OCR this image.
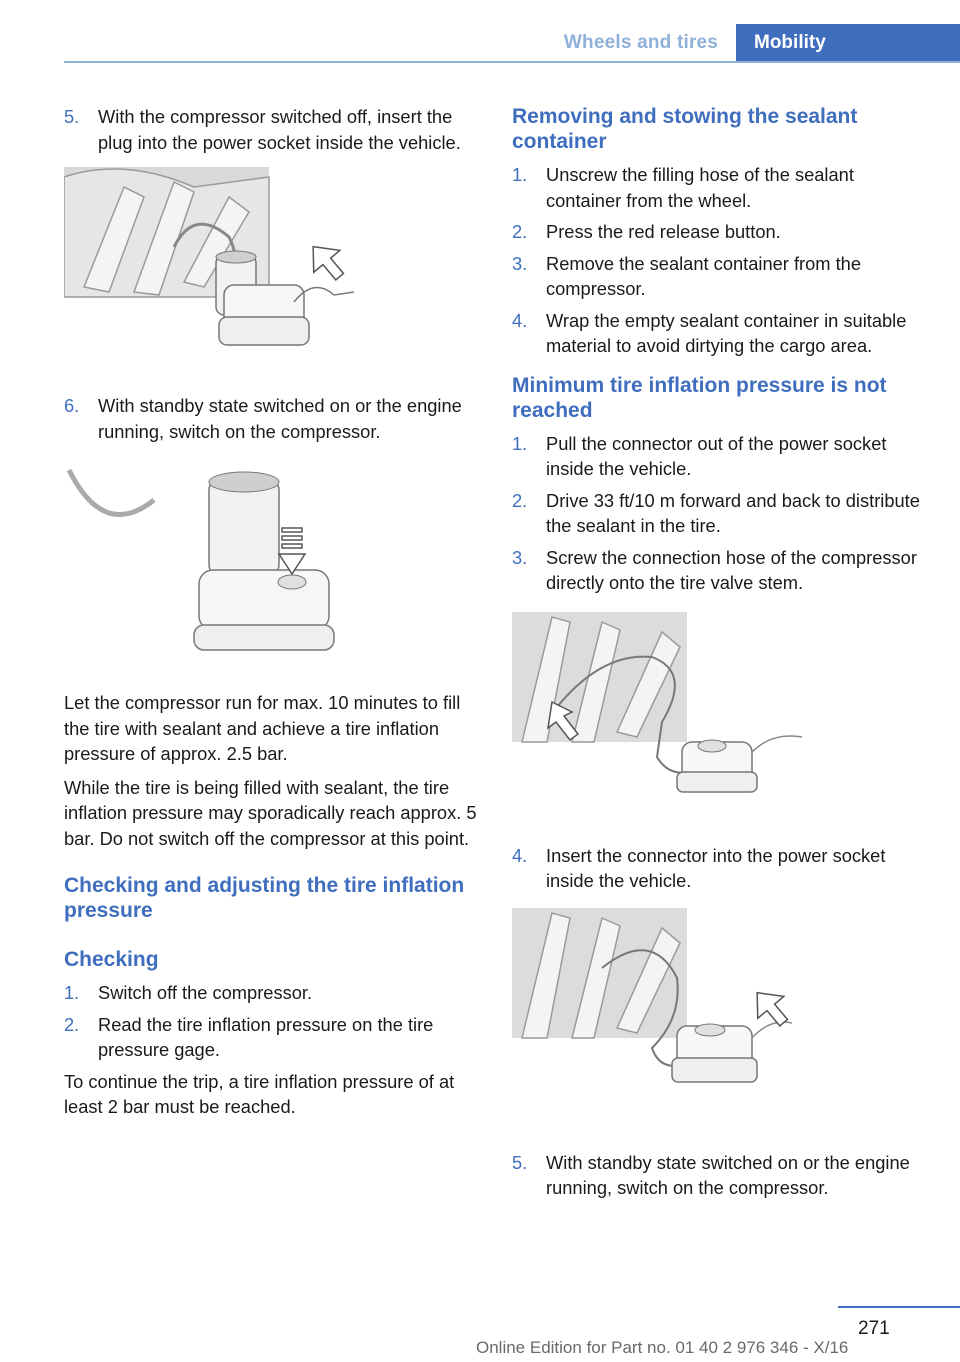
Wheels and tires	Mobility
5.	With the compressor switched off, insert the plug into the power socket inside the vehicle.
6.	With standby state switched on or the engine running, switch on the compressor.

Let the compressor run for max. 10 minutes to fill the tire with sealant and achieve a tire inflation pressure of approx. 2.5 bar.

While the tire is being filled with sealant, the tire inflation pressure may sporadically reach approx. 5 bar. Do not switch off the compressor at this point.

Checking and adjusting the tire inflation pressure
Checking
1.	Switch off the compressor.
2.	Read the tire inflation pressure on the tire pressure gage.

To continue the trip, a tire inflation pressure of at least 2 bar must be reached.

Removing and stowing the sealant container
1.	Unscrew the filling hose of the sealant container from the wheel.
2.	Press the red release button.
3.	Remove the sealant container from the compressor.
4.	Wrap the empty sealant container in suitable material to avoid dirtying the cargo area.
Minimum tire inflation pressure is not reached
1.	Pull the connector out of the power socket inside the vehicle.
2.	Drive 33 ft/10 m forward and back to distribute the sealant in the tire.
3.	Screw the connection hose of the compressor directly onto the tire valve stem.
4.	Insert the connector into the power socket inside the vehicle.
5.	With standby state switched on or the engine running, switch on the compressor.
271
Online Edition for Part no. 01 40 2 976 346 - X/16
